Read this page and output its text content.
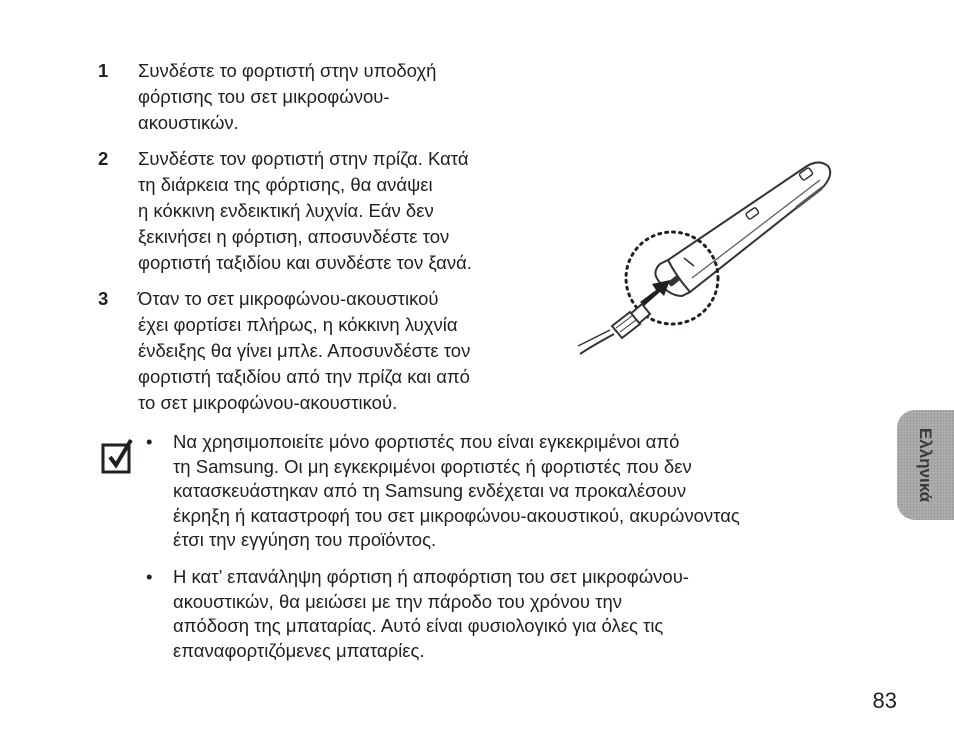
1	Συνδέστε το φορτιστή στην υποδοχή
φόρτισης του σετ μικροφώνου-
ακουστικών.

2	Συνδέστε τον φορτιστή στην πρίζα. Κατά
τη διάρκεια της φόρτισης, θα ανάψει
η κόκκινη ενδεικτική λυχνία. Εάν δεν
ξεκινήσει η φόρτιση, αποσυνδέστε τον
φορτιστή ταξιδίου και συνδέστε τον ξανά.

3	Όταν το σετ μικροφώνου-ακουστικού
έχει φορτίσει πλήρως, η κόκκινη λυχνία
ένδειξης θα γίνει μπλε. Αποσυνδέστε τον
φορτιστή ταξιδίου από την πρίζα και από
το σετ μικροφώνου-ακουστικού.

•	Να χρησιμοποιείτε μόνο φορτιστές που είναι εγκεκριμένοι από
τη Samsung. Οι μη εγκεκριμένοι φορτιστές ή φορτιστές που δεν
κατασκευάστηκαν από τη Samsung ενδέχεται να προκαλέσουν
έκρηξη ή καταστροφή του σετ μικροφώνου-ακουστικού, ακυρώνοντας
έτσι την εγγύηση του προϊόντος.

•	Η κατ’ επανάληψη φόρτιση ή αποφόρτιση του σετ μικροφώνου-
ακουστικών, θα μειώσει με την πάροδο του χρόνου την
απόδοση της μπαταρίας. Αυτό είναι φυσιολογικό για όλες τις
επαναφορτιζόμενες μπαταρίες.

Ελληνικά
83
